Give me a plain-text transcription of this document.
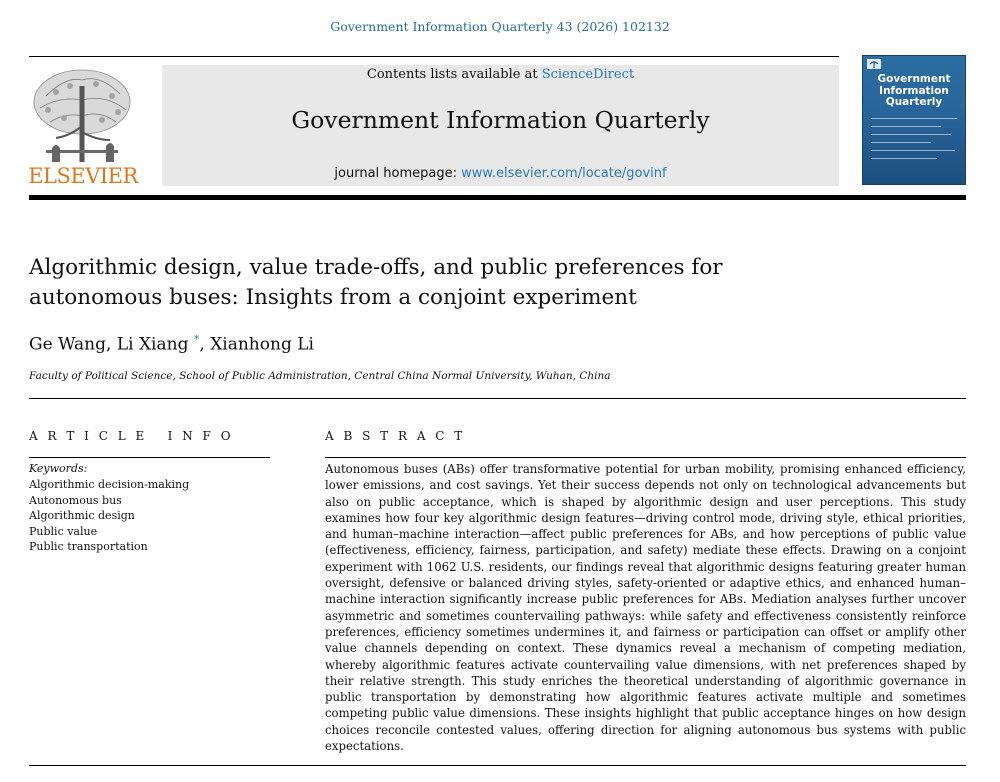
Government Information Quarterly 43 (2026) 102132
ELSEVIER
Contents lists available at ScienceDirect
Government Information Quarterly
journal homepage: www.elsevier.com/locate/govinf
Government
Information
Quarterly
Algorithmic design, value trade-offs, and public preferences for autonomous buses: Insights from a conjoint experiment
Ge Wang, Li Xiang *, Xianhong Li
Faculty of Political Science, School of Public Administration, Central China Normal University, Wuhan, China
A R T I C L E   I N F O
Keywords:
Algorithmic decision-making
Autonomous bus
Algorithmic design
Public value
Public transportation
A B S T R A C T

Autonomous buses (ABs) offer transformative potential for urban mobility, promising enhanced efficiency, lower emissions, and cost savings. Yet their success depends not only on technological advancements but also on public acceptance, which is shaped by algorithmic design and user perceptions. This study examines how four key algorithmic design features—driving control mode, driving style, ethical priorities, and human–machine interaction—affect public preferences for ABs, and how perceptions of public value (effectiveness, efficiency, fairness, participation, and safety) mediate these effects. Drawing on a conjoint experiment with 1062 U.S. residents, our findings reveal that algorithmic designs featuring greater human oversight, defensive or balanced driving styles, safety-oriented or adaptive ethics, and enhanced human–machine interaction significantly increase public preferences for ABs. Mediation analyses further uncover asymmetric and sometimes countervailing pathways: while safety and effectiveness consistently reinforce preferences, efficiency sometimes undermines it, and fairness or participation can offset or amplify other value channels depending on context. These dynamics reveal a mechanism of competing mediation, whereby algorithmic features activate countervailing value dimensions, with net preferences shaped by their relative strength. This study enriches the theoretical understanding of algorithmic governance in public transportation by demonstrating how algorithmic features activate multiple and sometimes competing public value dimensions. These insights highlight that public acceptance hinges on how design choices reconcile contested values, offering direction for aligning autonomous bus systems with public expectations.
